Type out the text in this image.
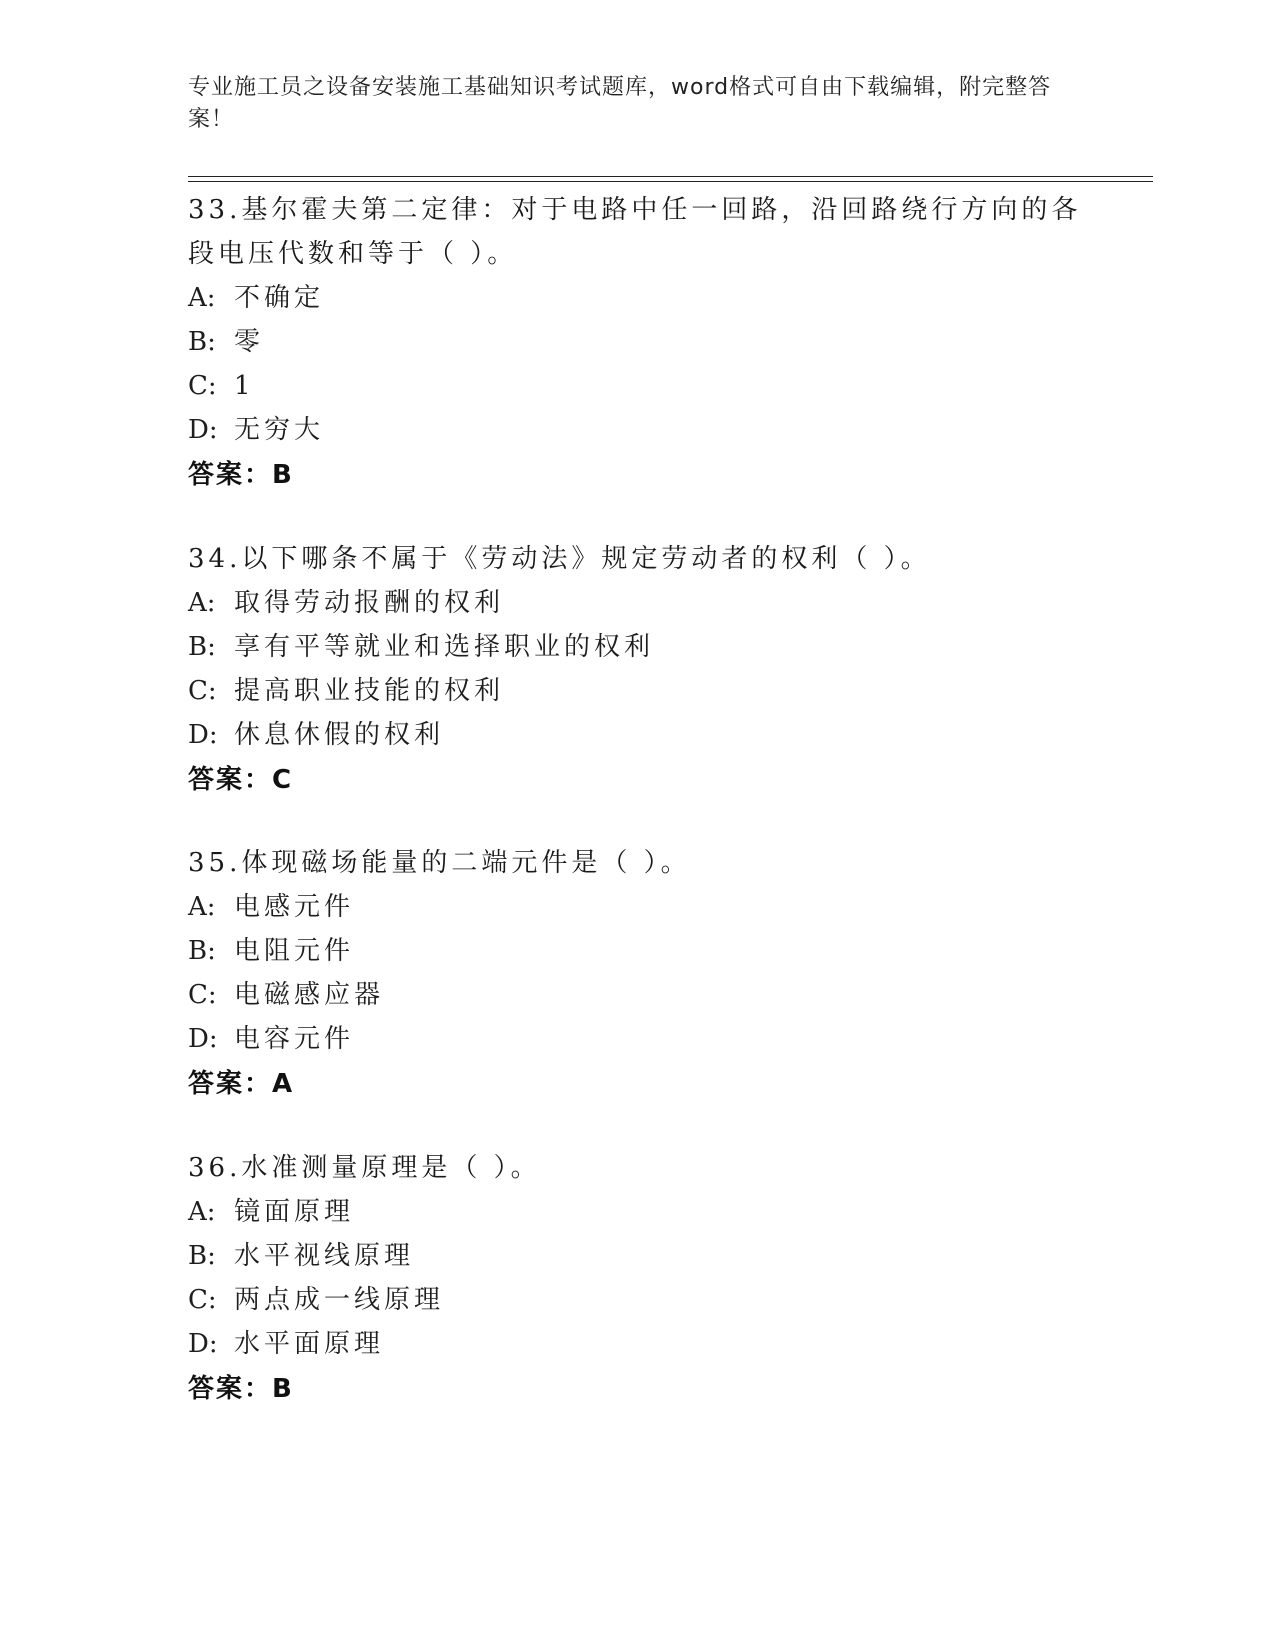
专业施工员之设备安装施工基础知识考试题库，word格式可自由下载编辑，附完整答案！
33.基尔霍夫第二定律：对于电路中任一回路，沿回路绕行方向的各段电压代数和等于（ ）。
A: 不确定
B: 零
C: 1
D: 无穷大
答案：B
34.以下哪条不属于《劳动法》规定劳动者的权利（ ）。
A: 取得劳动报酬的权利
B: 享有平等就业和选择职业的权利
C: 提高职业技能的权利
D: 休息休假的权利
答案：C
35.体现磁场能量的二端元件是（ ）。
A: 电感元件
B: 电阻元件
C: 电磁感应器
D: 电容元件
答案：A
36.水准测量原理是（ ）。
A: 镜面原理
B: 水平视线原理
C: 两点成一线原理
D: 水平面原理
答案：B
